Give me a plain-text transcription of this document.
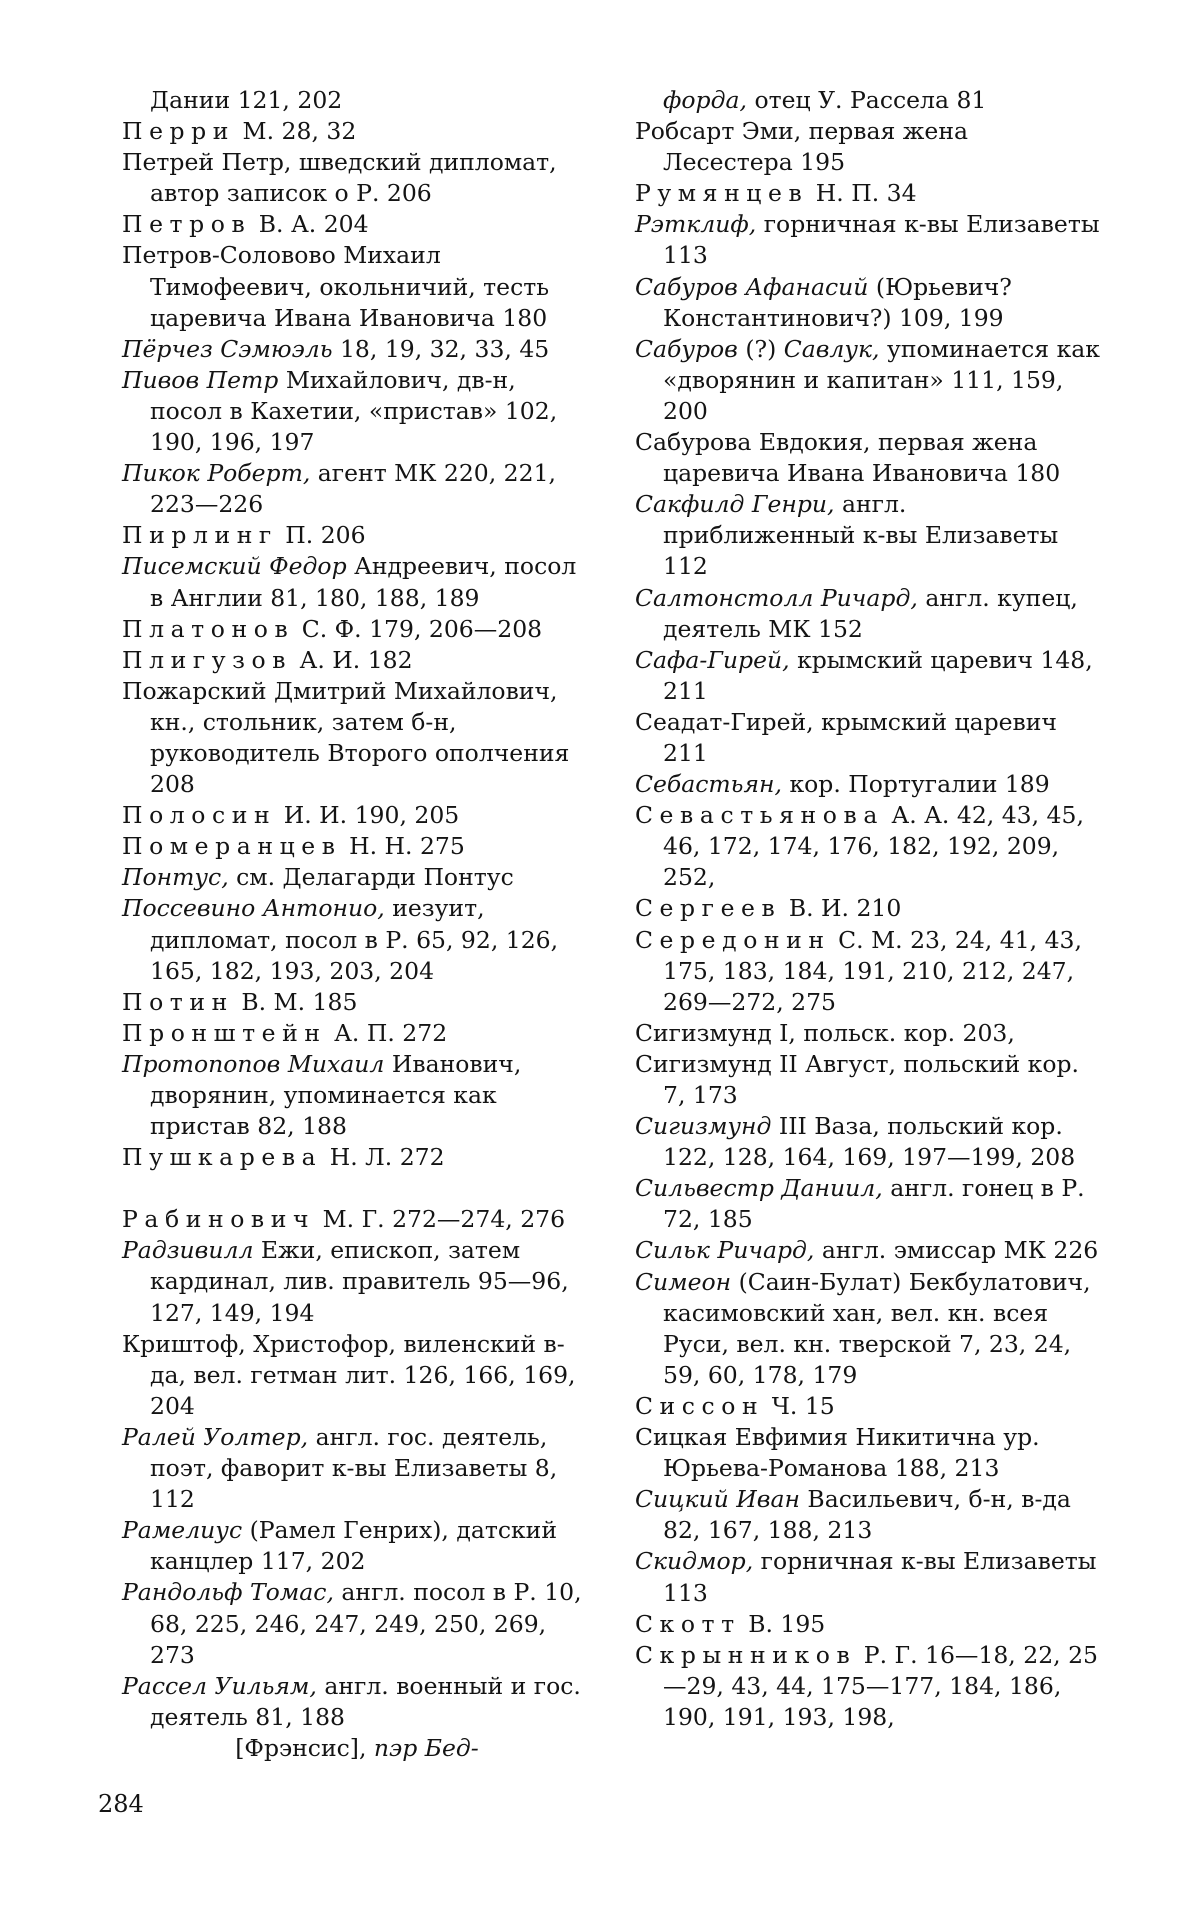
Дании 121, 202
Перри М. 28, 32
Петрей Петр, шведский дипломат, автор записок о Р. 206
Петров В. А. 204
Петров-Соловово Михаил Тимофеевич, окольничий, тесть царевича Ивана Ивановича 180
Пёрчез Сэмюэль 18, 19, 32, 33, 45
Пивов Петр Михайлович, дв-н, посол в Кахетии, «пристав» 102, 190, 196, 197
Пикок Роберт, агент МК 220, 221, 223—226
Пирлинг П. 206
Писемский Федор Андреевич, посол в Англии 81, 180, 188, 189
Платонов С. Ф. 179, 206—208
Плигузов А. И. 182
Пожарский Дмитрий Михайлович, кн., стольник, затем б-н, руководитель Второго ополчения 208
Полосин И. И. 190, 205
Померанцев Н. Н. 275
Понтус, см. Делагарди Понтус
Поссевино Антонио, иезуит, дипломат, посол в Р. 65, 92, 126, 165, 182, 193, 203, 204
Потин В. М. 185
Пронштейн А. П. 272
Протопопов Михаил Иванович, дворянин, упоминается как пристав 82, 188
Пушкарева Н. Л. 272
Рабинович М. Г. 272—274, 276
Радзивилл Ежи, епископ, затем кардинал, лив. правитель 95—96, 127, 149, 194
Криштоф, Христофор, виленский в-да, вел. гетман лит. 126, 166, 169, 204
Ралей Уолтер, англ. гос. деятель, поэт, фаворит к-вы Елизаветы 8, 112
Рамелиус (Рамел Генрих), датский канцлер 117, 202
Рандольф Томас, англ. посол в Р. 10, 68, 225, 246, 247, 249, 250, 269, 273
Рассел Уильям, англ. военный и гос. деятель 81, 188
[Фрэнсис], пэр Бед-
форда, отец У. Рассела 81
Робсарт Эми, первая жена Лесестера 195
Румянцев Н. П. 34
Рэтклиф, горничная к-вы Елизаветы 113
Сабуров Афанасий (Юрьевич? Константинович?) 109, 199
Сабуров (?) Савлук, упоминается как «дворянин и капитан» 111, 159, 200
Сабурова Евдокия, первая жена царевича Ивана Ивановича 180
Сакфилд Генри, англ. приближенный к-вы Елизаветы 112
Салтонстолл Ричард, англ. купец, деятель МК 152
Сафа-Гирей, крымский царевич 148, 211
Сеадат-Гирей, крымский царевич 211
Себастьян, кор. Португалии 189
Севастьянова А. А. 42, 43, 45, 46, 172, 174, 176, 182, 192, 209, 252,
Сергеев В. И. 210
Середонин С. М. 23, 24, 41, 43, 175, 183, 184, 191, 210, 212, 247, 269—272, 275
Сигизмунд I, польск. кор. 203,
Сигизмунд II Август, польский кор. 7, 173
Сигизмунд III Ваза, польский кор. 122, 128, 164, 169, 197—199, 208
Сильвестр Даниил, англ. гонец в Р. 72, 185
Сильк Ричард, англ. эмиссар МК 226
Симеон (Саин-Булат) Бекбулатович, касимовский хан, вел. кн. всея Руси, вел. кн. тверской 7, 23, 24, 59, 60, 178, 179
Сиссон Ч. 15
Сицкая Евфимия Никитична ур. Юрьева-Романова 188, 213
Сицкий Иван Васильевич, б-н, в-да 82, 167, 188, 213
Скидмор, горничная к-вы Елизаветы 113
Скотт В. 195
Скрынников Р. Г. 16—18, 22, 25—29, 43, 44, 175—177, 184, 186, 190, 191, 193, 198,
284
